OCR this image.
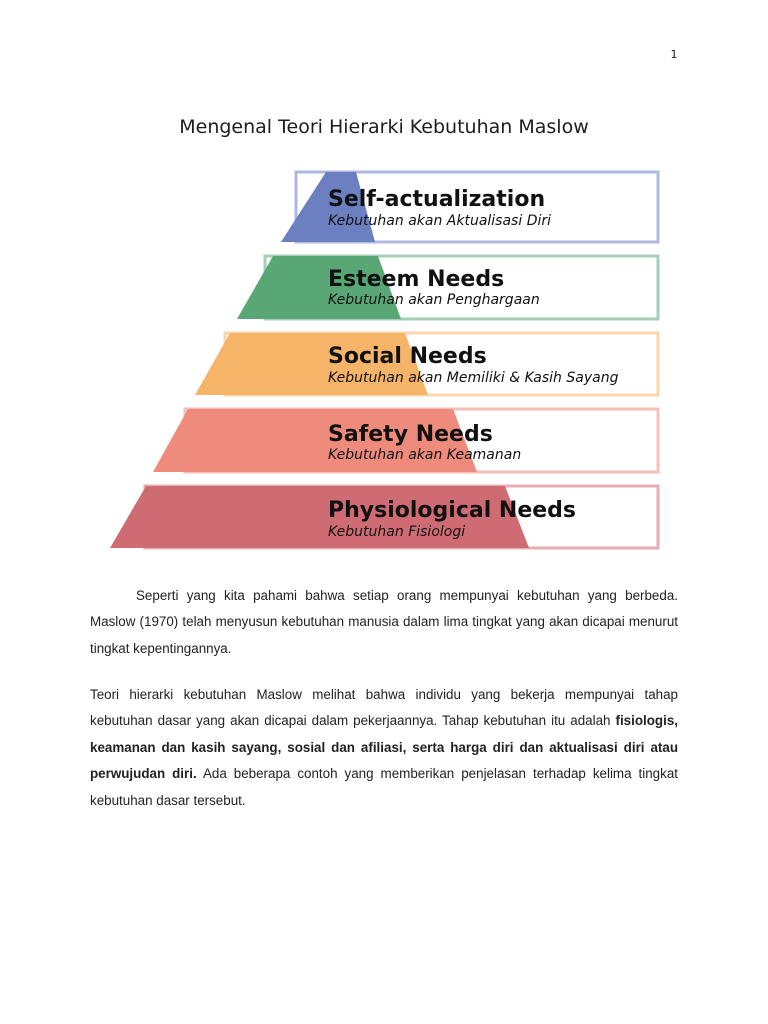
1
Mengenal Teori Hierarki Kebutuhan Maslow
Self-actualization
Kebutuhan akan Aktualisasi Diri
Esteem Needs
Kebutuhan akan Penghargaan
Social Needs
Kebutuhan akan Memiliki & Kasih Sayang
Safety Needs
Kebutuhan akan Keamanan
Physiological Needs
Kebutuhan Fisiologi

Seperti yang kita pahami bahwa setiap orang mempunyai kebutuhan yang berbeda. Maslow (1970) telah menyusun kebutuhan manusia dalam lima tingkat yang akan dicapai menurut tingkat kepentingannya.

Teori hierarki kebutuhan Maslow melihat bahwa individu yang bekerja mempunyai tahap kebutuhan dasar yang akan dicapai dalam pekerjaannya. Tahap kebutuhan itu adalah fisiologis, keamanan dan kasih sayang, sosial dan afiliasi, serta harga diri dan aktualisasi diri atau perwujudan diri. Ada beberapa contoh yang memberikan penjelasan terhadap kelima tingkat kebutuhan dasar tersebut.
